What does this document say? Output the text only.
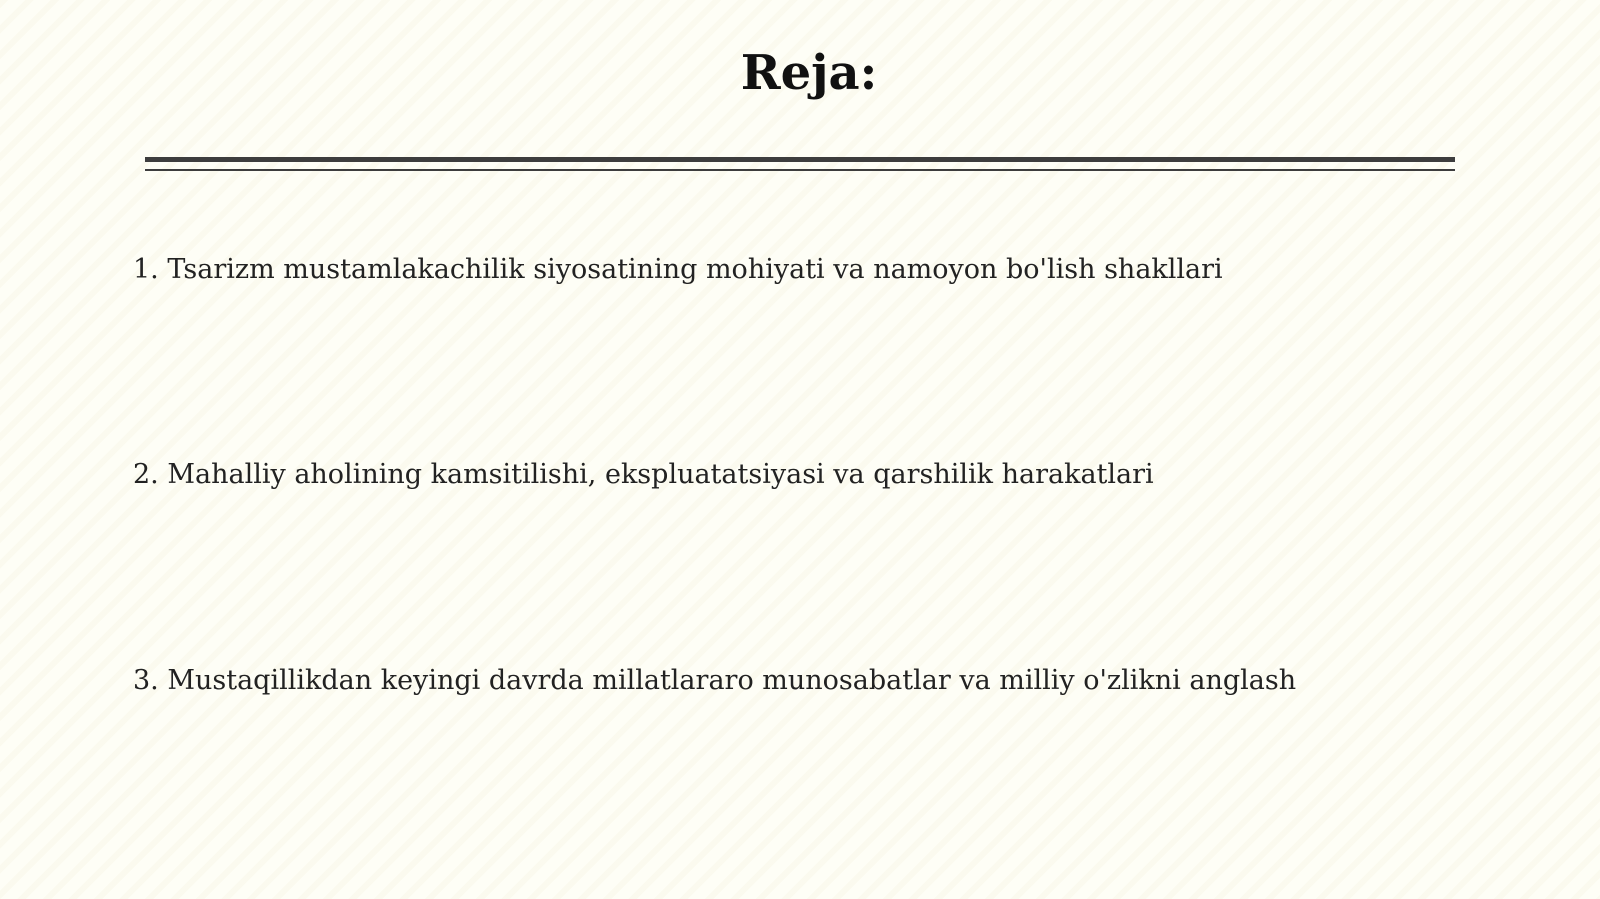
Reja:

1. Tsarizm mustamlakachilik siyosatining mohiyati va namoyon bo'lish shakllari

2. Mahalliy aholining kamsitilishi, ekspluatatsiyasi va qarshilik harakatlari

3. Mustaqillikdan keyingi davrda millatlararo munosabatlar va milliy o'zlikni anglash
